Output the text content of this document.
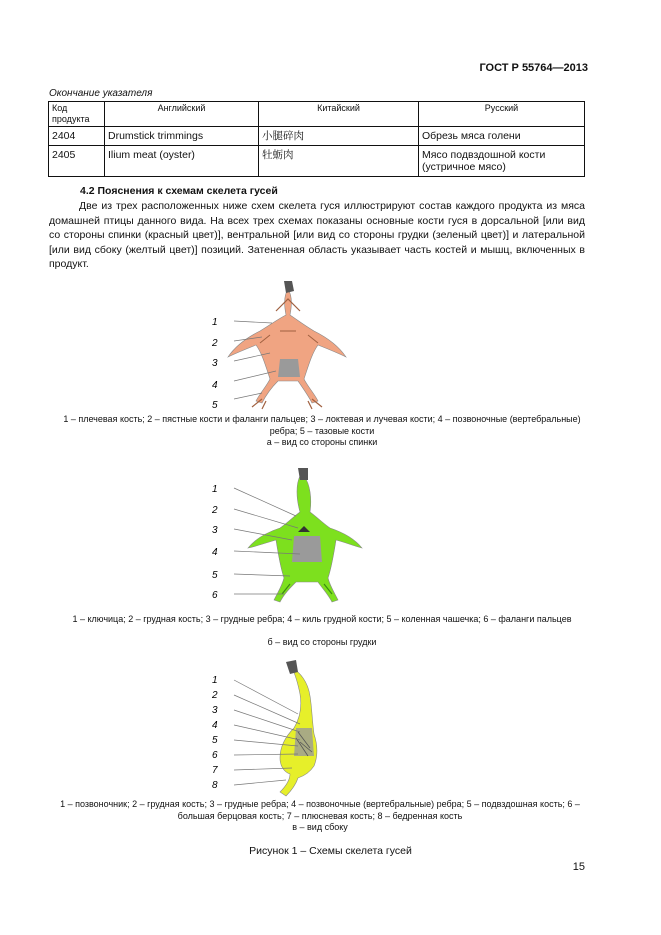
ГОСТ Р 55764—2013
Окончание указателя
Код продукта	Английский	Китайский	Русский
2404	Drumstick trimmings	小腿碎肉	Обрезь мяса голени
2405	Ilium meat (oyster)	牡蛎肉	Мясо подвздошной кости (устричное мясо)
4.2 Пояснения к схемам скелета гусей
Две из трех расположенных ниже схем скелета гуся иллюстрируют состав каждого продукта из мяса домашней птицы данного вида. На всех трех схемах показаны основные кости гуся в дорсальной [или вид со стороны спинки (красный цвет)], вентральной [или вид со стороны грудки (зеленый цвет)] и латеральной [или вид сбоку (желтый цвет)] позиций. Затененная область указывает часть костей и мышц, включенных в продукт.
1
2
3
4
5
1 – плечевая кость; 2 – пястные кости и фаланги пальцев; 3 – локтевая и лучевая кости; 4 – позвоночные (вертебральные) ребра; 5 – тазовые кости
а – вид со стороны спинки
1
2
3
4
5
6
1 – ключица; 2 – грудная кость; 3 – грудные ребра; 4 – киль грудной кости; 5 – коленная чашечка; 6 – фаланги пальцев
б – вид со стороны грудки
1
2
3
4
5
6
7
8
1 – позвоночник; 2 – грудная кость; 3 – грудные ребра; 4 – позвоночные (вертебральные) ребра; 5 – подвздошная кость; 6 – большая берцовая кость; 7 – плюсневая кость; 8 – бедренная кость
в – вид сбоку
Рисунок 1 – Схемы скелета гусей
15
